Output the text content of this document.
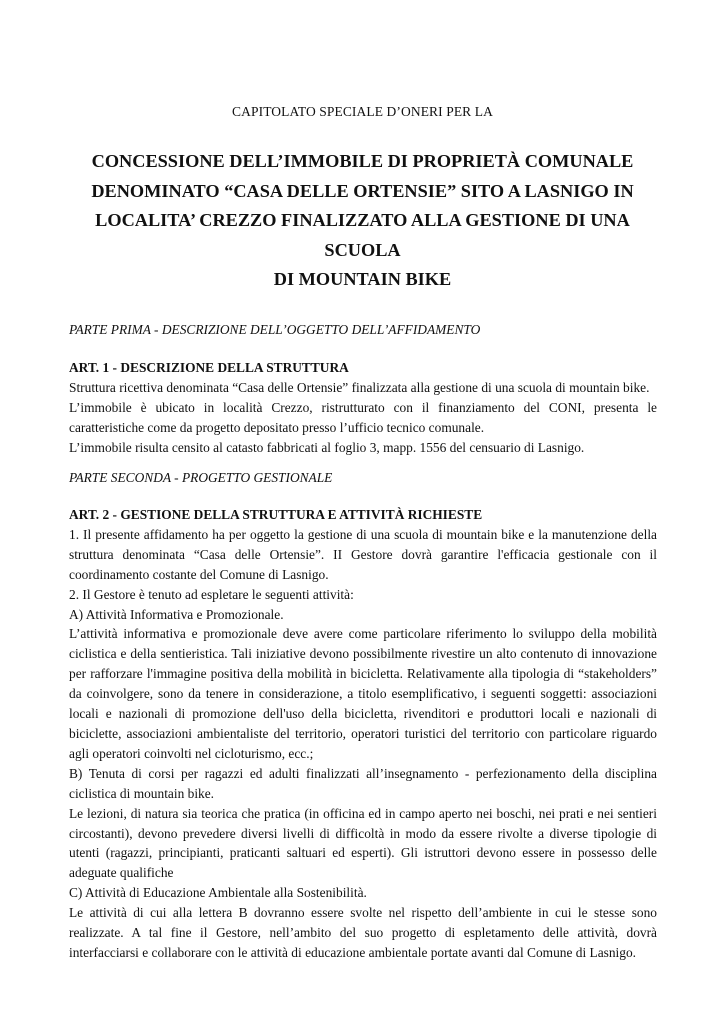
CAPITOLATO SPECIALE D’ONERI PER LA
CONCESSIONE DELL’IMMOBILE DI PROPRIETÀ COMUNALE
DENOMINATO “CASA DELLE ORTENSIE” SITO A LASNIGO IN
LOCALITA’ CREZZO FINALIZZATO ALLA GESTIONE DI UNA SCUOLA
DI MOUNTAIN BIKE
PARTE PRIMA - DESCRIZIONE DELL’OGGETTO DELL’AFFIDAMENTO
ART. 1 - DESCRIZIONE DELLA STRUTTURA

Struttura ricettiva denominata “Casa delle Ortensie” finalizzata alla gestione di una scuola di mountain bike.

L’immobile è ubicato in località Crezzo, ristrutturato con il finanziamento del CONI, presenta le caratteristiche come da progetto depositato presso l’ufficio tecnico comunale.

L’immobile risulta censito al catasto fabbricati al foglio 3, mapp. 1556 del censuario di Lasnigo.

PARTE SECONDA - PROGETTO GESTIONALE
ART. 2 - GESTIONE DELLA STRUTTURA E ATTIVITÀ RICHIESTE

1. Il presente affidamento ha per oggetto la gestione di una scuola di mountain bike e la manutenzione della struttura denominata “Casa delle Ortensie”. II Gestore dovrà garantire l'efficacia gestionale con il coordinamento costante del Comune di Lasnigo.

2. Il Gestore è tenuto ad espletare le seguenti attività:

A) Attività Informativa e Promozionale.

L’attività informativa e promozionale deve avere come particolare riferimento lo sviluppo della mobilità ciclistica e della sentieristica. Tali iniziative devono possibilmente rivestire un alto contenuto di innovazione per rafforzare l'immagine positiva della mobilità in bicicletta. Relativamente alla tipologia di “stakeholders” da coinvolgere, sono da tenere in considerazione, a titolo esemplificativo, i seguenti soggetti: associazioni locali e nazionali di promozione dell'uso della bicicletta, rivenditori e produttori locali e nazionali di biciclette, associazioni ambientaliste del territorio, operatori turistici del territorio con particolare riguardo agli operatori coinvolti nel cicloturismo, ecc.;

B) Tenuta di corsi per ragazzi ed adulti finalizzati all’insegnamento - perfezionamento della disciplina ciclistica di mountain bike.

Le lezioni, di natura sia teorica che pratica (in officina ed in campo aperto nei boschi, nei prati e nei sentieri circostanti), devono prevedere diversi livelli di difficoltà in modo da essere rivolte a diverse tipologie di utenti (ragazzi, principianti, praticanti saltuari ed esperti). Gli istruttori devono essere in possesso delle adeguate qualifiche

C) Attività di Educazione Ambientale alla Sostenibilità.

Le attività di cui alla lettera B dovranno essere svolte nel rispetto dell’ambiente in cui le stesse sono realizzate. A tal fine il Gestore, nell’ambito del suo progetto di espletamento delle attività, dovrà interfacciarsi e collaborare con le attività di educazione ambientale portate avanti dal Comune di Lasnigo.
